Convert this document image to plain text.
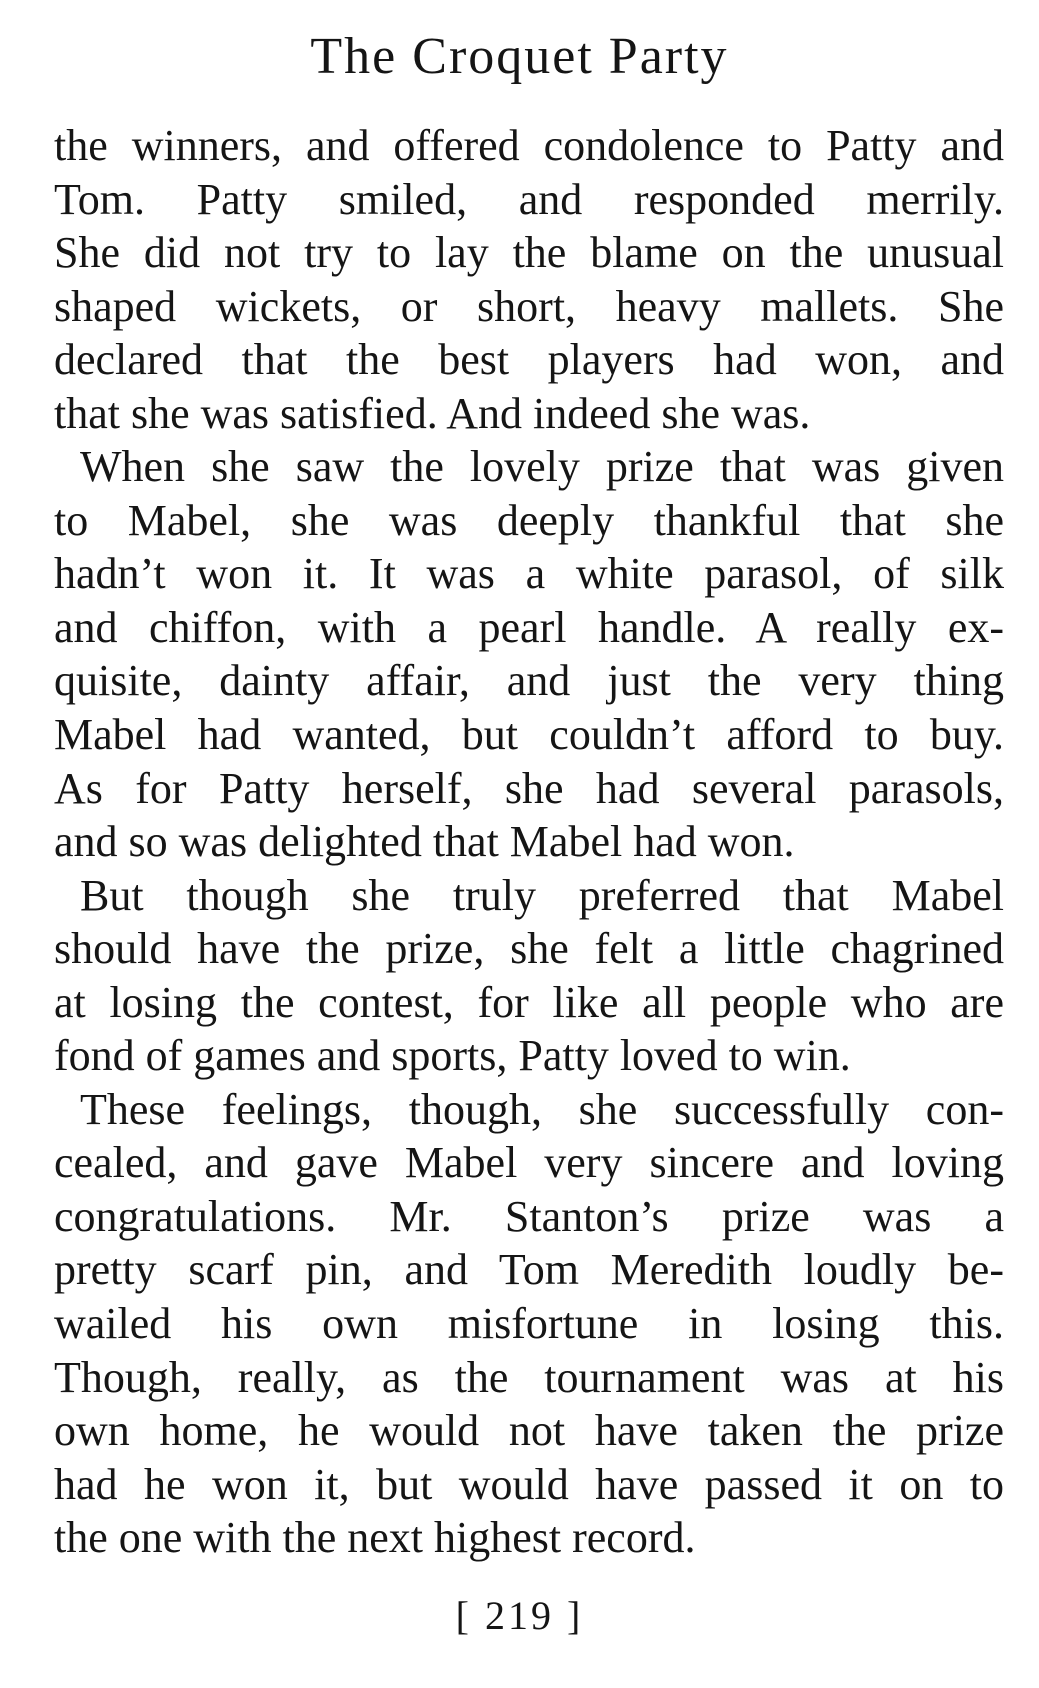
The Croquet Party
the winners, and offered condolence to Patty and
Tom. Patty smiled, and responded merrily.
She did not try to lay the blame on the unusual
shaped wickets, or short, heavy mallets. She
declared that the best players had won, and
that she was satisfied. And indeed she was.
When she saw the lovely prize that was given
to Mabel, she was deeply thankful that she
hadn’t won it. It was a white parasol, of silk
and chiffon, with a pearl handle. A really ex-
quisite, dainty affair, and just the very thing
Mabel had wanted, but couldn’t afford to buy.
As for Patty herself, she had several parasols,
and so was delighted that Mabel had won.
But though she truly preferred that Mabel
should have the prize, she felt a little chagrined
at losing the contest, for like all people who are
fond of games and sports, Patty loved to win.
These feelings, though, she successfully con-
cealed, and gave Mabel very sincere and loving
congratulations. Mr. Stanton’s prize was a
pretty scarf pin, and Tom Meredith loudly be-
wailed his own misfortune in losing this.
Though, really, as the tournament was at his
own home, he would not have taken the prize
had he won it, but would have passed it on to
the one with the next highest record.
[ 219 ]
